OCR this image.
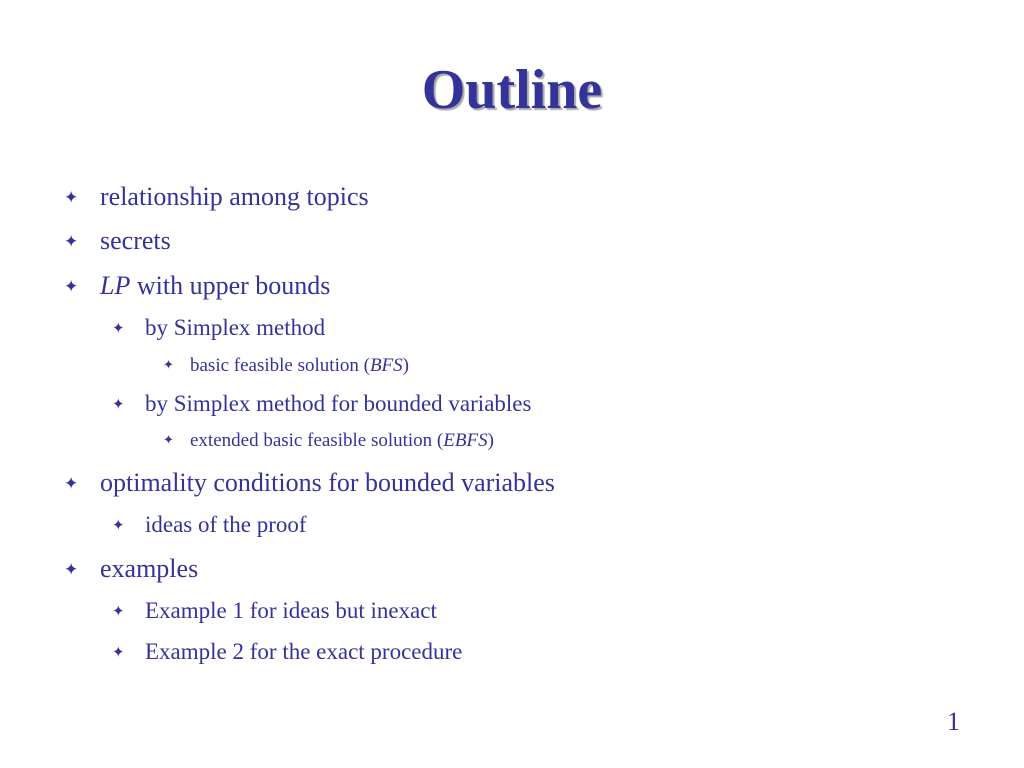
Outline
✦ relationship among topics
✦ secrets
✦ LP with upper bounds
✦ by Simplex method
✦ basic feasible solution (BFS)
✦ by Simplex method for bounded variables
✦ extended basic feasible solution (EBFS)
✦ optimality conditions for bounded variables
✦ ideas of the proof
✦ examples
✦ Example 1 for ideas but inexact
✦ Example 2 for the exact procedure
1
